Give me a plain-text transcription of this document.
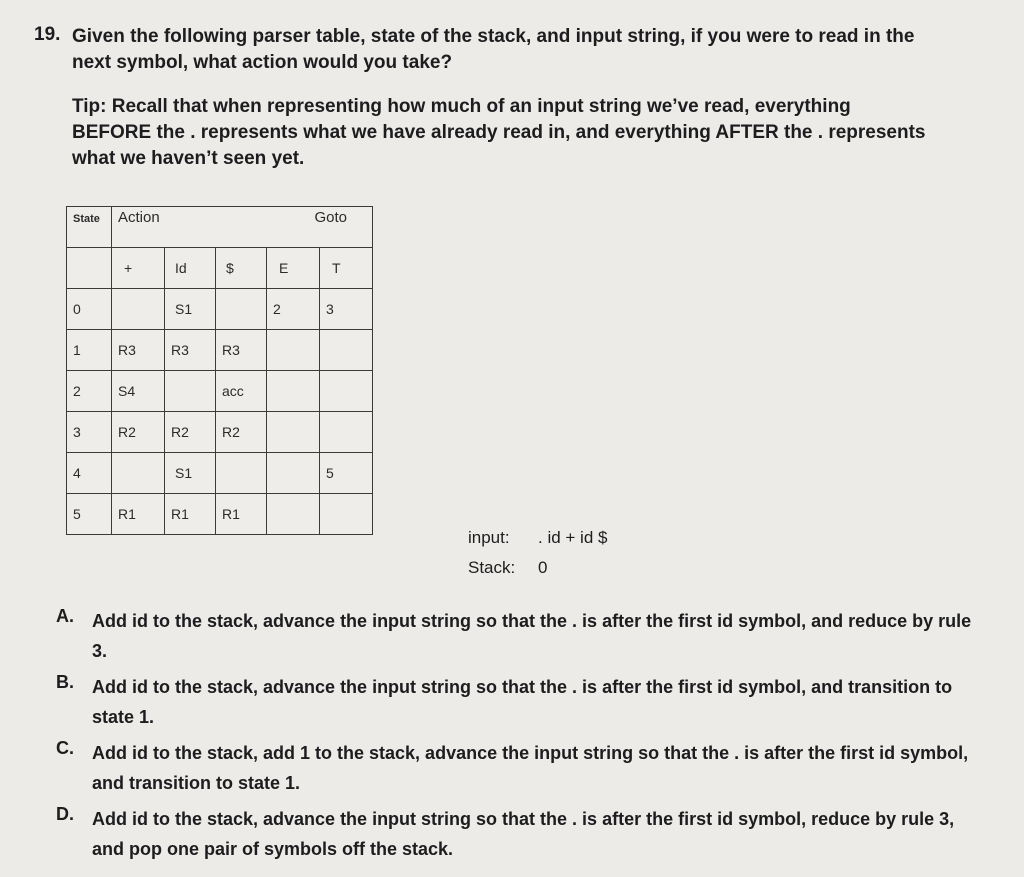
19. Given the following parser table, state of the stack, and input string, if you were to read in the next symbol, what action would you take?
Tip: Recall that when representing how much of an input string we’ve read, everything BEFORE the . represents what we have already read in, and everything AFTER the . represents what we haven’t seen yet.
State	Action			Goto	
	+	Id	$	E	T
0		S1		2	3
1	R3	R3	R3		
2	S4		acc		
3	R2	R2	R2		
4		S1			5
5	R1	R1	R1		
input: . id + id $
Stack: 0
A. Add id to the stack, advance the input string so that the . is after the first id symbol, and reduce by rule 3.
B. Add id to the stack, advance the input string so that the . is after the first id symbol, and transition to state 1.
C. Add id to the stack, add 1 to the stack, advance the input string so that the . is after the first id symbol, and transition to state 1.
D. Add id to the stack, advance the input string so that the . is after the first id symbol, reduce by rule 3, and pop one pair of symbols off the stack.
